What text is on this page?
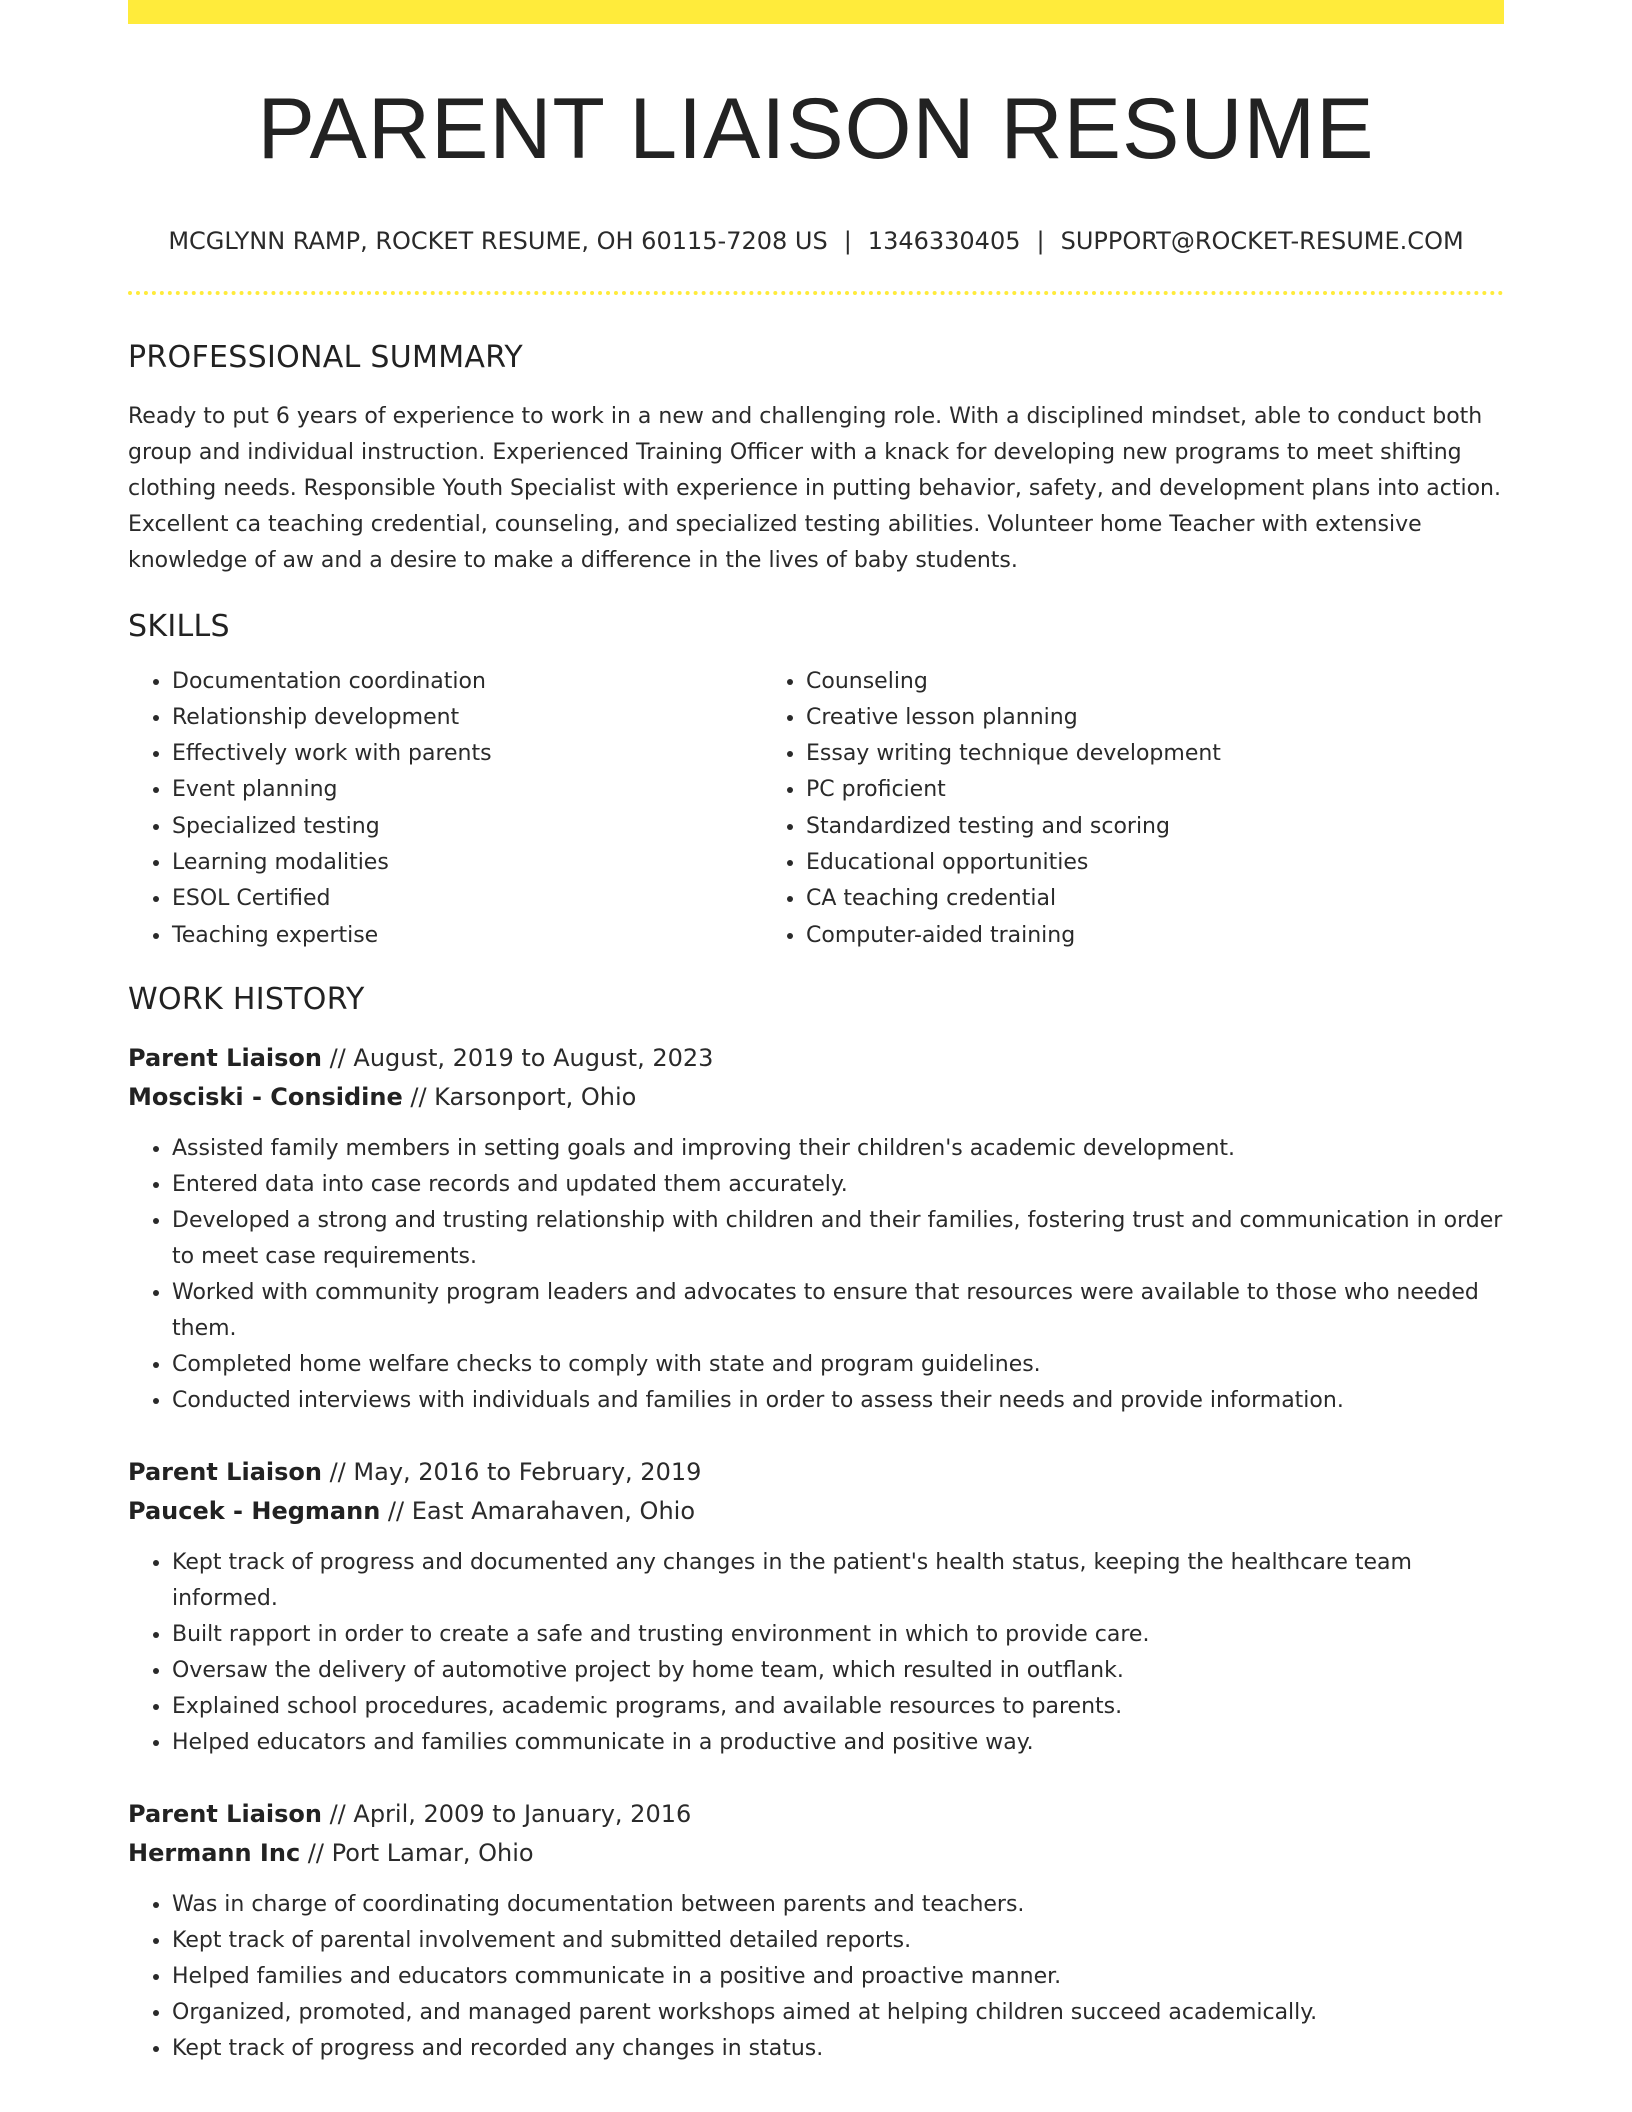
PARENT LIAISON RESUME
MCGLYNN RAMP, ROCKET RESUME, OH 60115-7208 US | 1346330405 | SUPPORT@ROCKET-RESUME.COM
PROFESSIONAL SUMMARY

Ready to put 6 years of experience to work in a new and challenging role. With a disciplined mindset, able to conduct both group and individual instruction. Experienced Training Officer with a knack for developing new programs to meet shifting clothing needs. Responsible Youth Specialist with experience in putting behavior, safety, and development plans into action. Excellent ca teaching credential, counseling, and specialized testing abilities. Volunteer home Teacher with extensive knowledge of aw and a desire to make a difference in the lives of baby students.

SKILLS
• Documentation coordination
• Relationship development
• Effectively work with parents
• Event planning
• Specialized testing
• Learning modalities
• ESOL Certified
• Teaching expertise
• Counseling
• Creative lesson planning
• Essay writing technique development
• PC proficient
• Standardized testing and scoring
• Educational opportunities
• CA teaching credential
• Computer-aided training
WORK HISTORY
Parent Liaison // August, 2019 to August, 2023
Mosciski - Considine // Karsonport, Ohio
• Assisted family members in setting goals and improving their children's academic development.
• Entered data into case records and updated them accurately.
• Developed a strong and trusting relationship with children and their families, fostering trust and communication in order to meet case requirements.
• Worked with community program leaders and advocates to ensure that resources were available to those who needed them.
• Completed home welfare checks to comply with state and program guidelines.
• Conducted interviews with individuals and families in order to assess their needs and provide information.
Parent Liaison // May, 2016 to February, 2019
Paucek - Hegmann // East Amarahaven, Ohio
• Kept track of progress and documented any changes in the patient's health status, keeping the healthcare team informed.
• Built rapport in order to create a safe and trusting environment in which to provide care.
• Oversaw the delivery of automotive project by home team, which resulted in outflank.
• Explained school procedures, academic programs, and available resources to parents.
• Helped educators and families communicate in a productive and positive way.
Parent Liaison // April, 2009 to January, 2016
Hermann Inc // Port Lamar, Ohio
• Was in charge of coordinating documentation between parents and teachers.
• Kept track of parental involvement and submitted detailed reports.
• Helped families and educators communicate in a positive and proactive manner.
• Organized, promoted, and managed parent workshops aimed at helping children succeed academically.
• Kept track of progress and recorded any changes in status.
